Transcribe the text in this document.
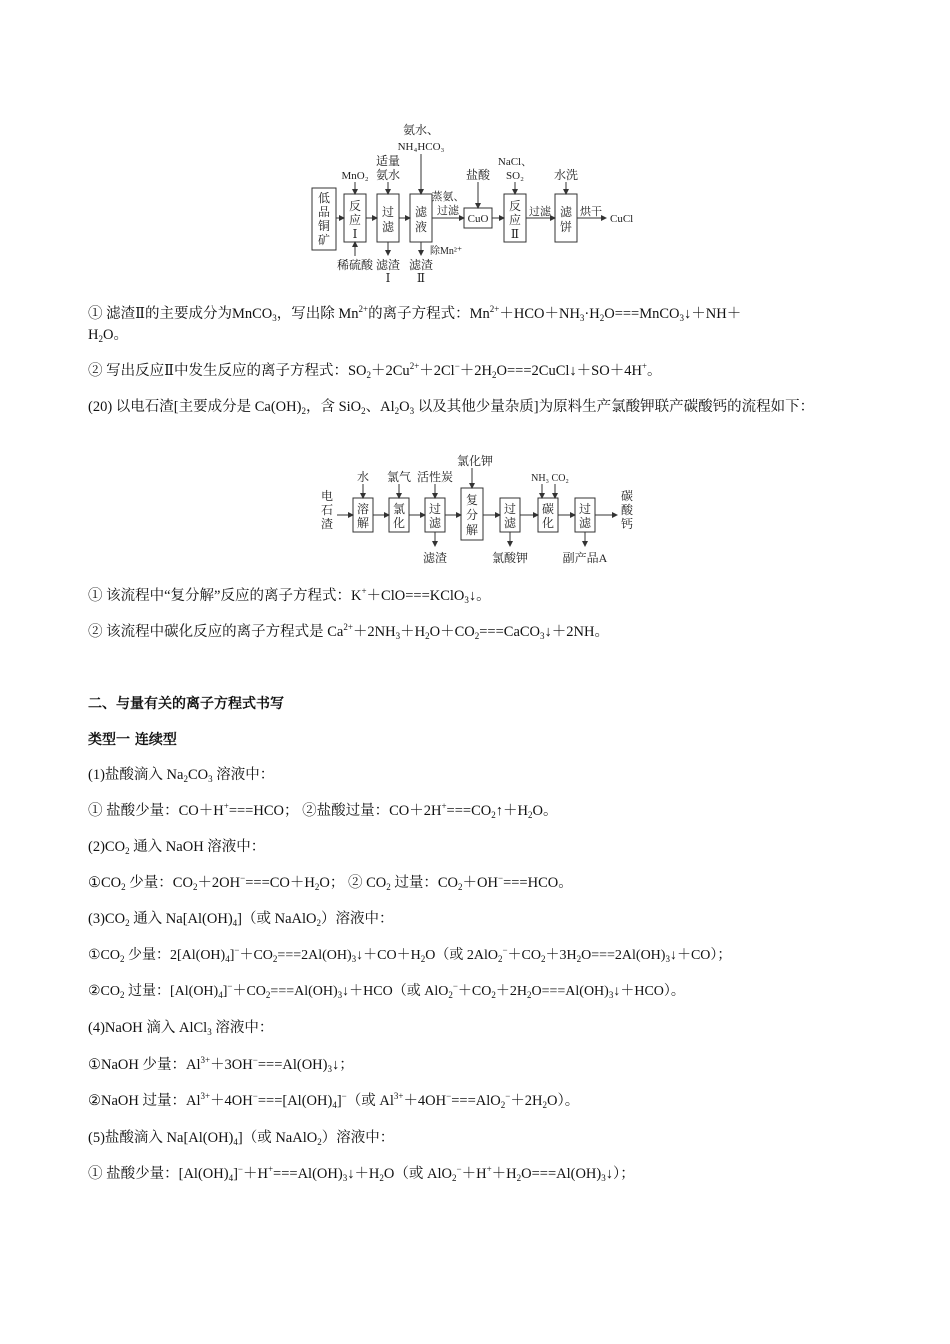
低
品
铜
矿
反
应
Ⅰ
过
滤
滤
液
CuO
反
应
Ⅱ
滤
饼
MnO₂
适量
氨水
氨水、
NH₄HCO₃
蒸氨、
过滤
盐酸
NaCl、
SO₂	水洗
过滤	烘干
CuCl
稀硫酸 滤渣
Ⅰ
滤渣
Ⅱ
除Mn²⁺
① 滤渣Ⅱ的主要成分为MnCO$_3$，写出除 $Mn^{2+}$的离子方程式：$Mn^{2+}+HCO+NH_3\cdot H_2O===MnCO_3↓+NH+$
$H_2O$。
② 写出反应Ⅱ中发生反应的离子方程式：$SO_2+2Cu^{2+}+2Cl^-+2H_2O===2CuCl↓+SO+4H^+$。
(20) 以电石渣[主要成分是 $Ca(OH)_2$，含 SiO$_2$、$Al_2O_3$ 以及其他少量杂质]为原料生产氯酸钾联产碳酸钙的流程如下：
电
石
渣
溶
解
氯
化
过
滤
复
分
解
过
滤
碳
化
过
滤
碳
酸
钙
水 氯气 活性炭
氯化钾
NH₃ CO₂
滤渣	氯酸钾	副产品A
① 该流程中“复分解”反应的离子方程式：K+＋ClO===KClO$_3$↓。
② 该流程中碳化反应的离子方程式是 $Ca^{2+}+2NH_3+H_2O+CO_2===CaCO_3↓+2NH$。
二、与量有关的离子方程式书写
类型一 连续型
(1)盐酸滴入 $Na_2CO_3$ 溶液中：
① 盐酸少量：CO＋H+===HCO； ②盐酸过量：$CO+2H^+===CO_2↑+H_2O$。
$(2)CO_2$ 通入 NaOH 溶液中：
$①CO_2$ 少量：$CO_2+2OH^-===CO+H_2O$； ② $CO_2$ 过量：$CO_2+OH^-===HCO$。
$(3)CO_2$ 通入 $Na[Al(OH)_4]$（或 NaAlO$_2$）溶液中：
$①CO_2$ 少量：$2[Al(OH)_4]^-+CO_2===2Al(OH)_3↓+CO+H_2O$（或 $2AlO_2^-+CO_2+3H_2O===2Al(OH)_3↓+CO$）；
$②CO_2$ 过量：$[Al(OH)_4]^-+CO_2===Al(OH)_3↓+HCO$（或 $AlO_2^-+CO_2+2H_2O===Al(OH)_3↓+HCO$）。
(4)NaOH 滴入 AlCl$_3$ 溶液中：
①NaOH 少量：$Al^{3+}+3OH^-===Al(OH)_3↓$；
②NaOH 过量：$Al^{3+}+4OH^-===[Al(OH)_4]^-$（或 $Al^{3+}+4OH^-===AlO_2^-+2H_2O$）。
(5)盐酸滴入 $Na[Al(OH)_4]$（或 NaAlO$_2$）溶液中：
① 盐酸少量：$[Al(OH)_4]^-+H^+===Al(OH)_3↓+H_2O$（或 $AlO_2^-+H^++H_2O===Al(OH)_3↓$）；
